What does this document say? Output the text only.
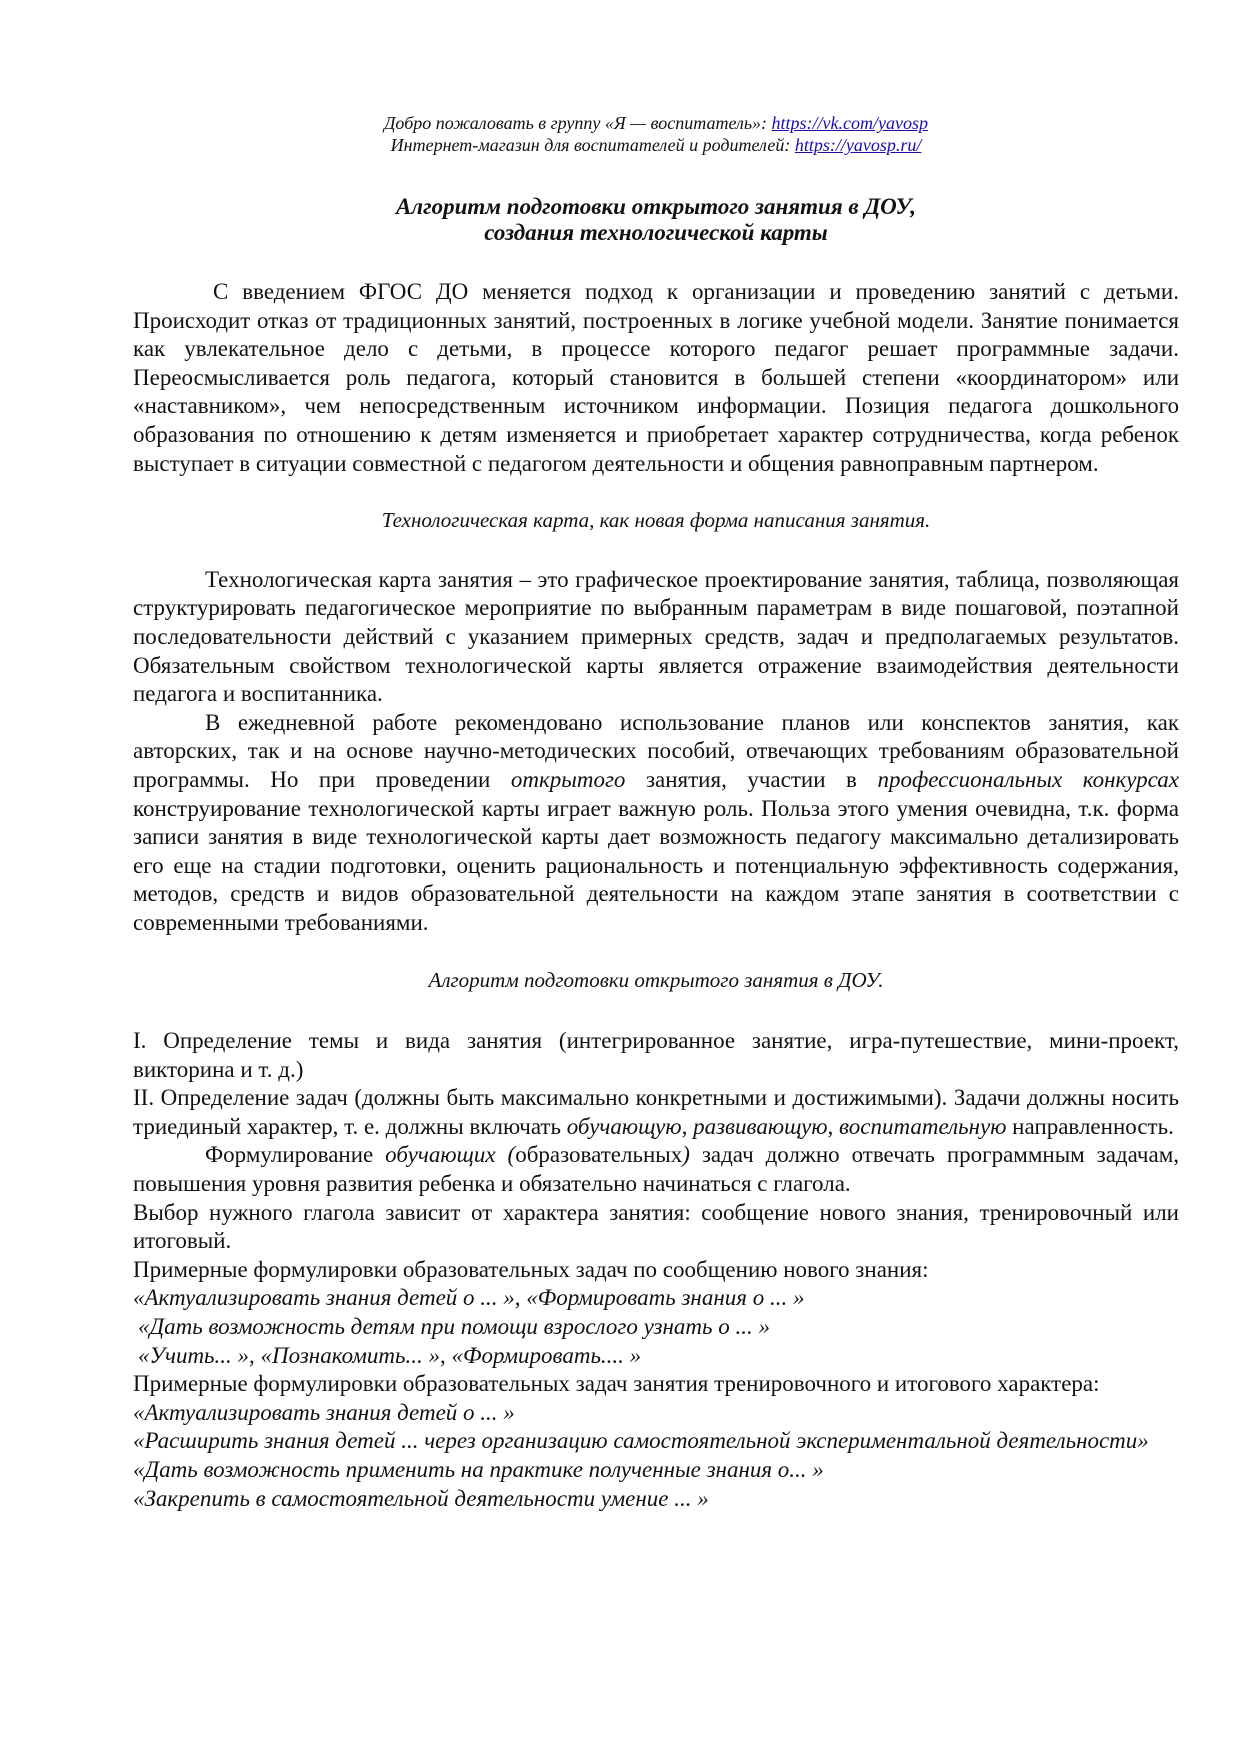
Добро пожаловать в группу «Я — воспитатель»: https://vk.com/yavosp
Интернет-магазин для воспитателей и родителей: https://yavosp.ru/
Алгоритм подготовки открытого занятия в ДОУ,
создания технологической карты

С введением ФГОС ДО меняется подход к организации и проведению занятий с детьми. Происходит отказ от традиционных занятий, построенных в логике учебной модели. Занятие понимается как увлекательное дело с детьми, в процессе которого педагог решает программные задачи. Переосмысливается роль педагога, который становится в большей степени «координатором» или «наставником», чем непосредственным источником информации. Позиция педагога дошкольного образования по отношению к детям изменяется и приобретает характер сотрудничества, когда ребенок выступает в ситуации совместной с педагогом деятельности и общения равноправным партнером.

Технологическая карта, как новая форма написания занятия.

Технологическая карта занятия – это графическое проектирование занятия, таблица, позволяющая структурировать педагогическое мероприятие по выбранным параметрам в виде пошаговой, поэтапной последовательности действий с указанием примерных средств, задач и предполагаемых результатов. Обязательным свойством технологической карты является отражение взаимодействия деятельности педагога и воспитанника.

В ежедневной работе рекомендовано использование планов или конспектов занятия, как авторских, так и на основе научно-методических пособий, отвечающих требованиям образовательной программы. Но при проведении открытого занятия, участии в профессиональных конкурсах конструирование технологической карты играет важную роль. Польза этого умения очевидна, т.к. форма записи занятия в виде технологической карты дает возможность педагогу максимально детализировать его еще на стадии подготовки, оценить рациональность и потенциальную эффективность содержания, методов, средств и видов образовательной деятельности на каждом этапе занятия в соответствии с современными требованиями.

Алгоритм подготовки открытого занятия в ДОУ.

I. Определение темы и вида занятия (интегрированное занятие, игра-путешествие, мини-проект, викторина и т. д.)

II. Определение задач (должны быть максимально конкретными и достижимыми). Задачи должны носить триединый характер, т. е. должны включать обучающую, развивающую, воспитательную направленность.

Формулирование обучающих (образовательных) задач должно отвечать программным задачам, повышения уровня развития ребенка и обязательно начинаться с глагола.

Выбор нужного глагола зависит от характера занятия: сообщение нового знания, тренировочный или итоговый.

Примерные формулировки образовательных задач по сообщению нового знания:

«Актуализировать знания детей о ... », «Формировать знания о ... »

«Дать возможность детям при помощи взрослого узнать о ... »

«Учить... », «Познакомить... », «Формировать.... »

Примерные формулировки образовательных задач занятия тренировочного и итогового характера:

«Актуализировать знания детей о ... »

«Расширить знания детей ... через организацию самостоятельной экспериментальной деятельности»

«Дать возможность применить на практике полученные знания о... »

«Закрепить в самостоятельной деятельности умение ... »
